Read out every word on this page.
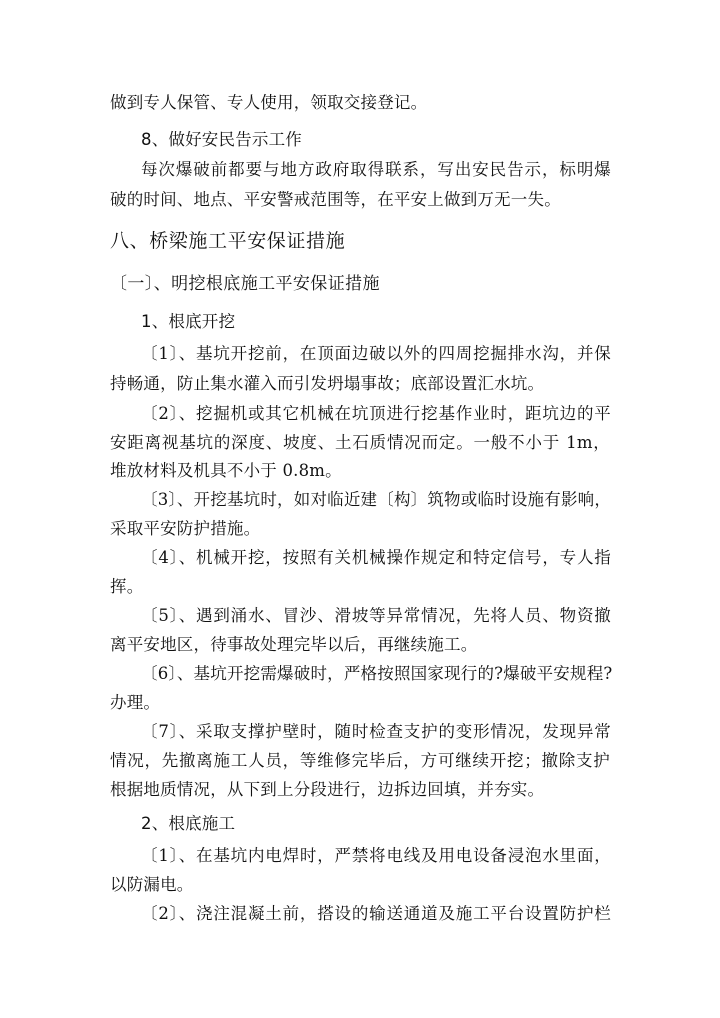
做到专人保管、专人使用，领取交接登记。
8、做好安民告示工作
每次爆破前都要与地方政府取得联系，写出安民告示，标明爆
破的时间、地点、平安警戒范围等，在平安上做到万无一失。
八、桥梁施工平安保证措施
〔一〕、明挖根底施工平安保证措施
1、根底开挖
〔1〕、基坑开挖前，在顶面边破以外的四周挖掘排水沟，并保
持畅通，防止集水灌入而引发坍塌事故；底部设置汇水坑。
〔2〕、挖掘机或其它机械在坑顶进行挖基作业时，距坑边的平
安距离视基坑的深度、坡度、土石质情况而定。一般不小于 1m，
堆放材料及机具不小于 0.8m。
〔3〕、开挖基坑时，如对临近建〔构〕筑物或临时设施有影响，
采取平安防护措施。
〔4〕、机械开挖，按照有关机械操作规定和特定信号，专人指
挥。
〔5〕、遇到涌水、冒沙、滑坡等异常情况，先将人员、物资撤
离平安地区，待事故处理完毕以后，再继续施工。
〔6〕、基坑开挖需爆破时，严格按照国家现行的?爆破平安规程?
办理。
〔7〕、采取支撑护壁时，随时检查支护的变形情况，发现异常
情况，先撤离施工人员，等维修完毕后，方可继续开挖；撤除支护
根据地质情况，从下到上分段进行，边拆边回填，并夯实。
2、根底施工
〔1〕、在基坑内电焊时，严禁将电线及用电设备浸泡水里面，
以防漏电。
〔2〕、浇注混凝土前，搭设的输送通道及施工平台设置防护栏
